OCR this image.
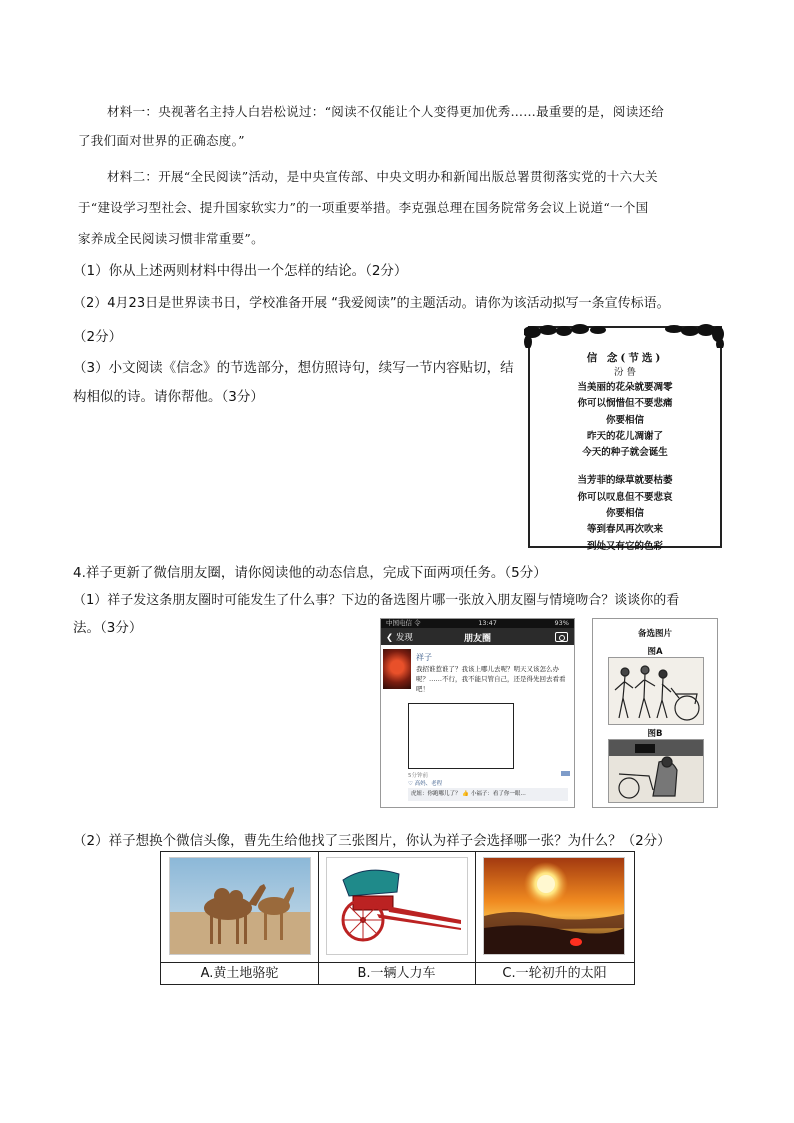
材料一：央视著名主持人白岩松说过：“阅读不仅能让个人变得更加优秀……最重要的是，阅读还给
了我们面对世界的正确态度。”
材料二：开展“全民阅读”活动，是中央宣传部、中央文明办和新闻出版总署贯彻落实党的十六大关
于“建设学习型社会、提升国家软实力”的一项重要举措。李克强总理在国务院常务会议上说道“一个国
家养成全民阅读习惯非常重要”。
（1）你从上述两则材料中得出一个怎样的结论。（2分）
（2）4月23日是世界读书日，学校准备开展 “我爱阅读”的主题活动。请你为该活动拟写一条宣传标语。
（2分）
（3）小文阅读《信念》的节选部分，想仿照诗句，续写一节内容贴切，结
构相似的诗。请你帮他。（3分）
信 念(节选)
汾 鲁
当美丽的花朵就要凋零
你可以悯惜但不要悲痛
你要相信
昨天的花儿凋谢了
今天的种子就会诞生
当芳菲的绿草就要枯萎
你可以叹息但不要悲哀
你要相信
等到春风再次吹来
到处又有它的色彩
4.祥子更新了微信朋友圈，请你阅读他的动态信息，完成下面两项任务。（5分）
（1）祥子发这条朋友圈时可能发生了什么事？下边的备选图片哪一张放入朋友圈与情境吻合？谈谈你的看
法。（3分）	中国电信 令	13:47	93%
❮ 发现	朋友圈
祥子
我招谁惹谁了？我该上哪儿去呢？明天又该怎么办呢？……不行，我不能只管自己，还是得先回去看看吧！
5分钟前
♡ 高妈、老程
虎妞：你跑哪儿了？ 👍 小福子：看了你一眼…
备选图片
图A
图B
（2）祥子想换个微信头像，曹先生给他找了三张图片，你认为祥子会选择哪一张？为什么？（2分）
A.黄土地骆驼	B.一辆人力车	C.一轮初升的太阳
